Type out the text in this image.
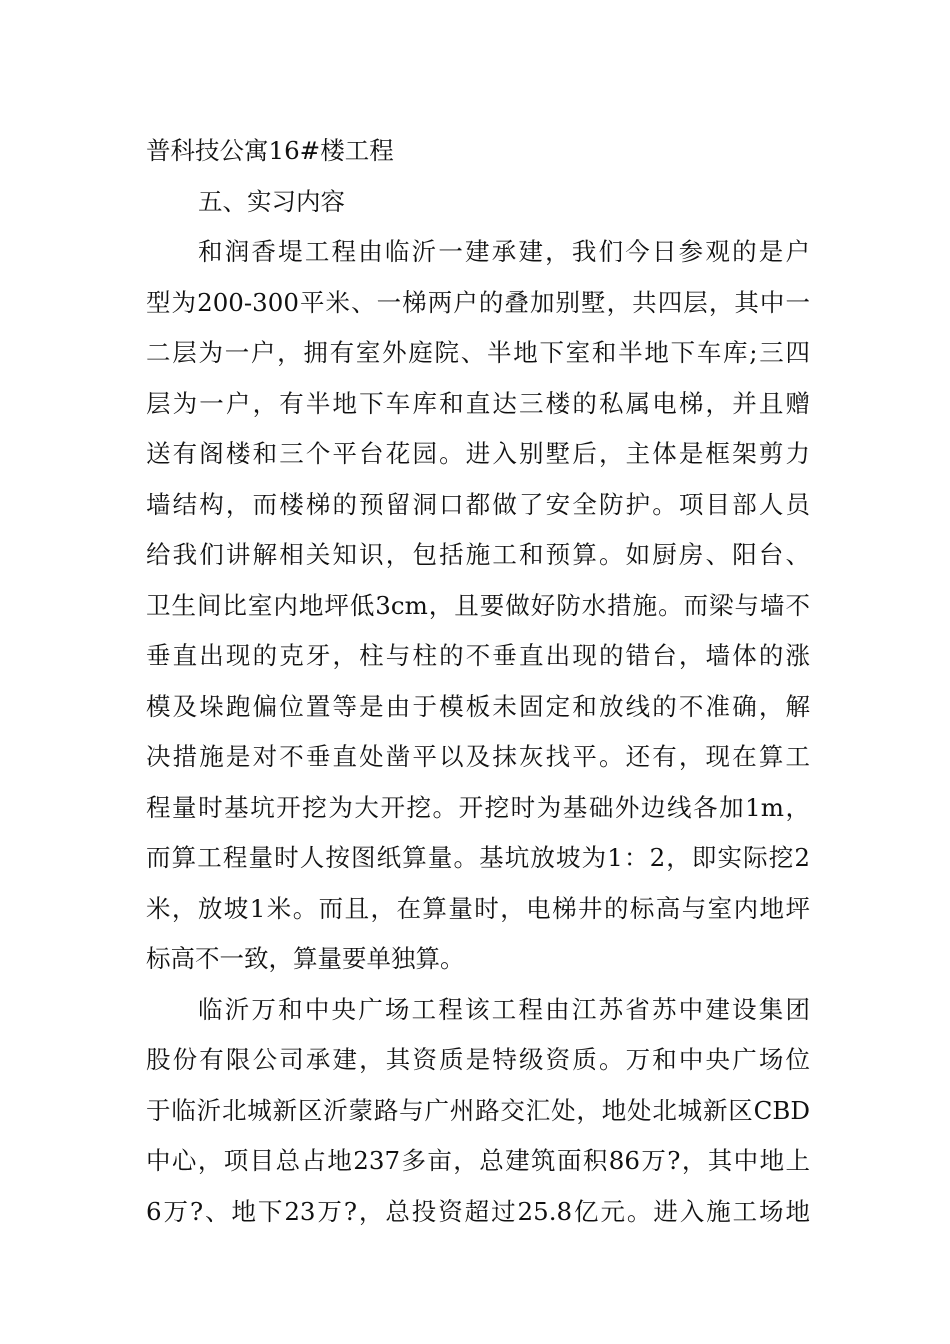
普科技公寓16#楼工程
五、实习内容
和润香堤工程由临沂一建承建，我们今日参观的是户
型为200-300平米、一梯两户的叠加别墅，共四层，其中一
二层为一户，拥有室外庭院、半地下室和半地下车库;三四
层为一户，有半地下车库和直达三楼的私属电梯，并且赠
送有阁楼和三个平台花园。进入别墅后，主体是框架剪力
墙结构，而楼梯的预留洞口都做了安全防护。项目部人员
给我们讲解相关知识，包括施工和预算。如厨房、阳台、
卫生间比室内地坪低3cm，且要做好防水措施。而梁与墙不
垂直出现的克牙，柱与柱的不垂直出现的错台，墙体的涨
模及垛跑偏位置等是由于模板未固定和放线的不准确，解
决措施是对不垂直处凿平以及抹灰找平。还有，现在算工
程量时基坑开挖为大开挖。开挖时为基础外边线各加1m，
而算工程量时人按图纸算量。基坑放坡为1：2，即实际挖2
米，放坡1米。而且，在算量时，电梯井的标高与室内地坪
标高不一致，算量要单独算。
临沂万和中央广场工程该工程由江苏省苏中建设集团
股份有限公司承建，其资质是特级资质。万和中央广场位
于临沂北城新区沂蒙路与广州路交汇处，地处北城新区CBD
中心，项目总占地237多亩，总建筑面积86万?，其中地上
6万?、地下23万?，总投资超过25.8亿元。进入施工场地
